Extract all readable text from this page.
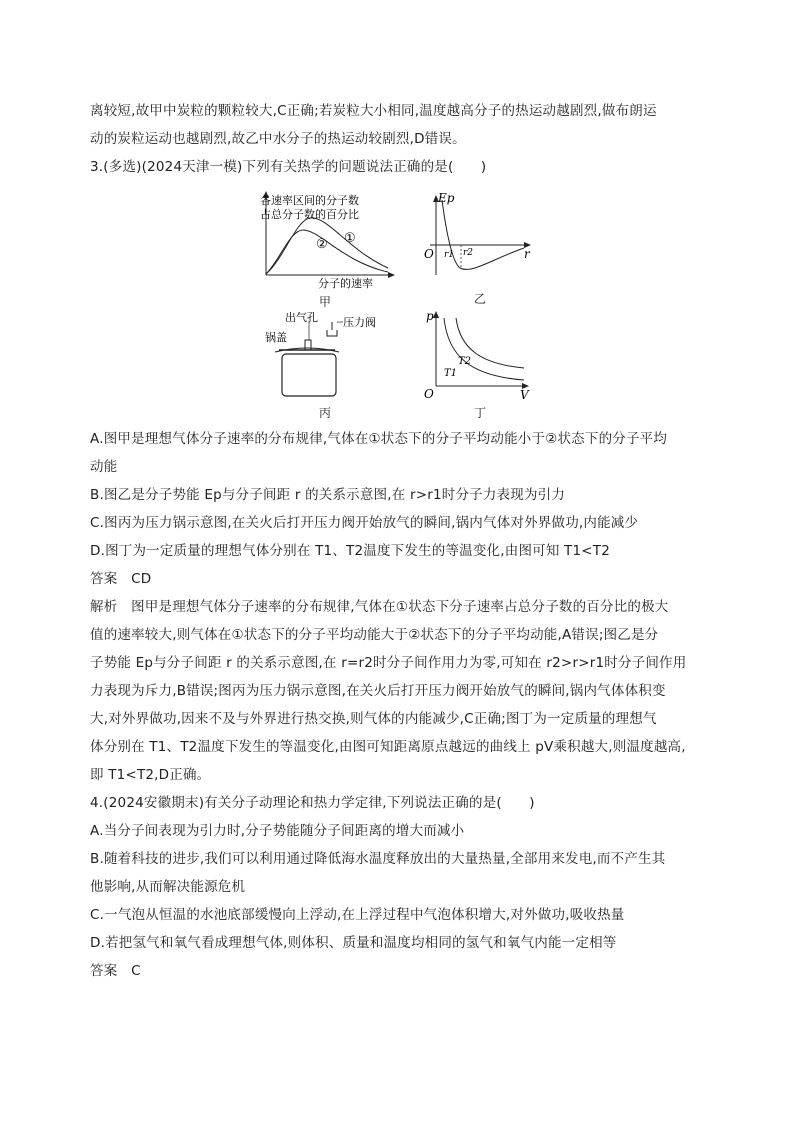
离较短,故甲中炭粒的颗粒较大,C正确;若炭粒大小相同,温度越高分子的热运动越剧烈,做布朗运
动的炭粒运动也越剧烈,故乙中水分子的热运动较剧烈,D错误。
3.(多选)(2024天津一模)下列有关热学的问题说法正确的是(　　)
各速率区间的分子数
占总分子数的百分比
② ①
分子的速率
甲
Ep
O r1 r2	r
乙
出气孔 压力阀
锅盖
丙
p
O	V
T2
T1
丁
A.图甲是理想气体分子速率的分布规律,气体在①状态下的分子平均动能小于②状态下的分子平均
动能
B.图乙是分子势能 Ep与分子间距 r 的关系示意图,在 r>r1时分子力表现为引力
C.图丙为压力锅示意图,在关火后打开压力阀开始放气的瞬间,锅内气体对外界做功,内能减少
D.图丁为一定质量的理想气体分别在 T1、T2温度下发生的等温变化,由图可知 T1<T2
答案　CD
解析　图甲是理想气体分子速率的分布规律,气体在①状态下分子速率占总分子数的百分比的极大
值的速率较大,则气体在①状态下的分子平均动能大于②状态下的分子平均动能,A错误;图乙是分
子势能 Ep与分子间距 r 的关系示意图,在 r=r2时分子间作用力为零,可知在 r2>r>r1时分子间作用
力表现为斥力,B错误;图丙为压力锅示意图,在关火后打开压力阀开始放气的瞬间,锅内气体体积变
大,对外界做功,因来不及与外界进行热交换,则气体的内能减少,C正确;图丁为一定质量的理想气
体分别在 T1、T2温度下发生的等温变化,由图可知距离原点越远的曲线上 pV乘积越大,则温度越高,
即 T1<T2,D正确。
4.(2024安徽期末)有关分子动理论和热力学定律,下列说法正确的是(　　)
A.当分子间表现为引力时,分子势能随分子间距离的增大而减小
B.随着科技的进步,我们可以利用通过降低海水温度释放出的大量热量,全部用来发电,而不产生其
他影响,从而解决能源危机
C.一气泡从恒温的水池底部缓慢向上浮动,在上浮过程中气泡体积增大,对外做功,吸收热量
D.若把氢气和氧气看成理想气体,则体积、质量和温度均相同的氢气和氧气内能一定相等
答案　C
